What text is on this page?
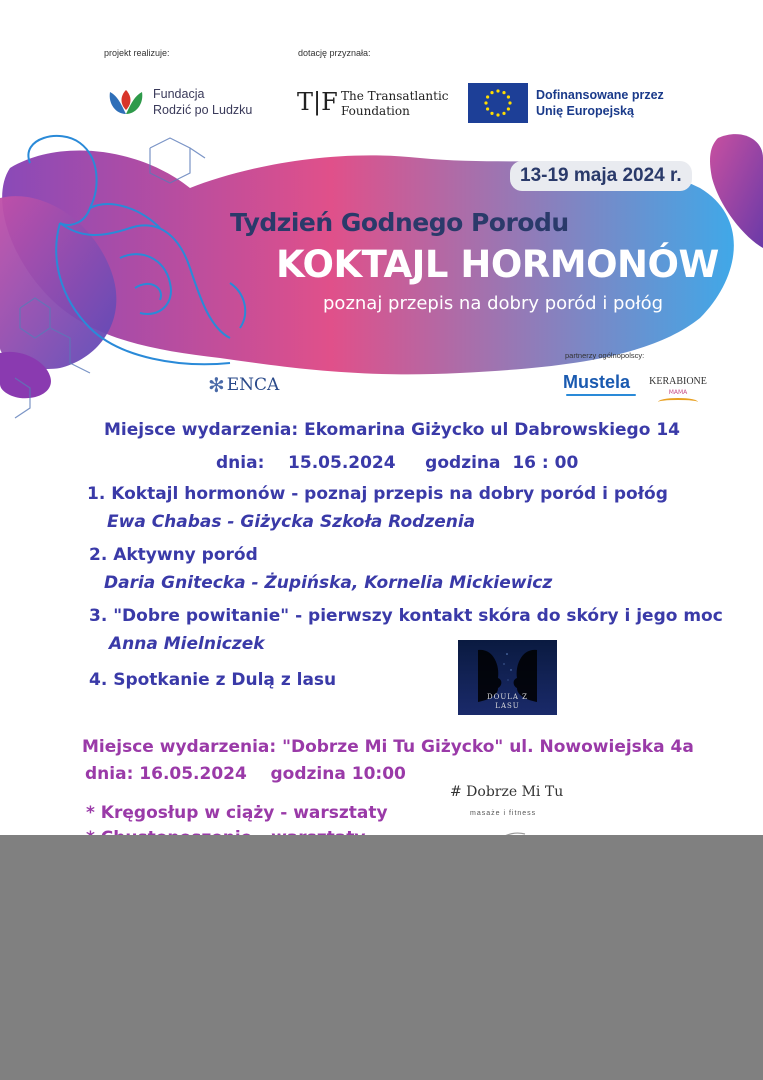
projekt realizuje:	dotację przyznała:
Fundacja
Rodzić po Ludzku T|F The Transatlantic
Foundation
Dofinansowane przez
Unię Europejską
13-19 maja 2024 r.
Tydzień Godnego Porodu
KOKTAJL HORMONÓW
poznaj przepis na dobry poród i połóg
partnerzy ogólnopolscy:
✻ ENCA	Mustela KERABIONE
MAMA
Miejsce wydarzenia: Ekomarina Giżycko ul Dabrowskiego 14
dnia:    15.05.2024     godzina  16 : 00
1. Koktajl hormonów - poznaj przepis na dobry poród i połóg
Ewa Chabas - Giżycka Szkoła Rodzenia
2. Aktywny poród
Daria Gnitecka - Żupińska, Kornelia Mickiewicz
3. "Dobre powitanie" - pierwszy kontakt skóra do skóry i jego moc
Anna Mielniczek
4. Spotkanie z Dulą z lasu
DOULA Z
LASU
Miejsce wydarzenia: "Dobrze Mi Tu Giżycko" ul. Nowowiejska 4a
dnia: 16.05.2024    godzina 10:00
* Kręgosłup w ciąży - warsztaty
# Dobrze Mi Tu
masaże i fitness
